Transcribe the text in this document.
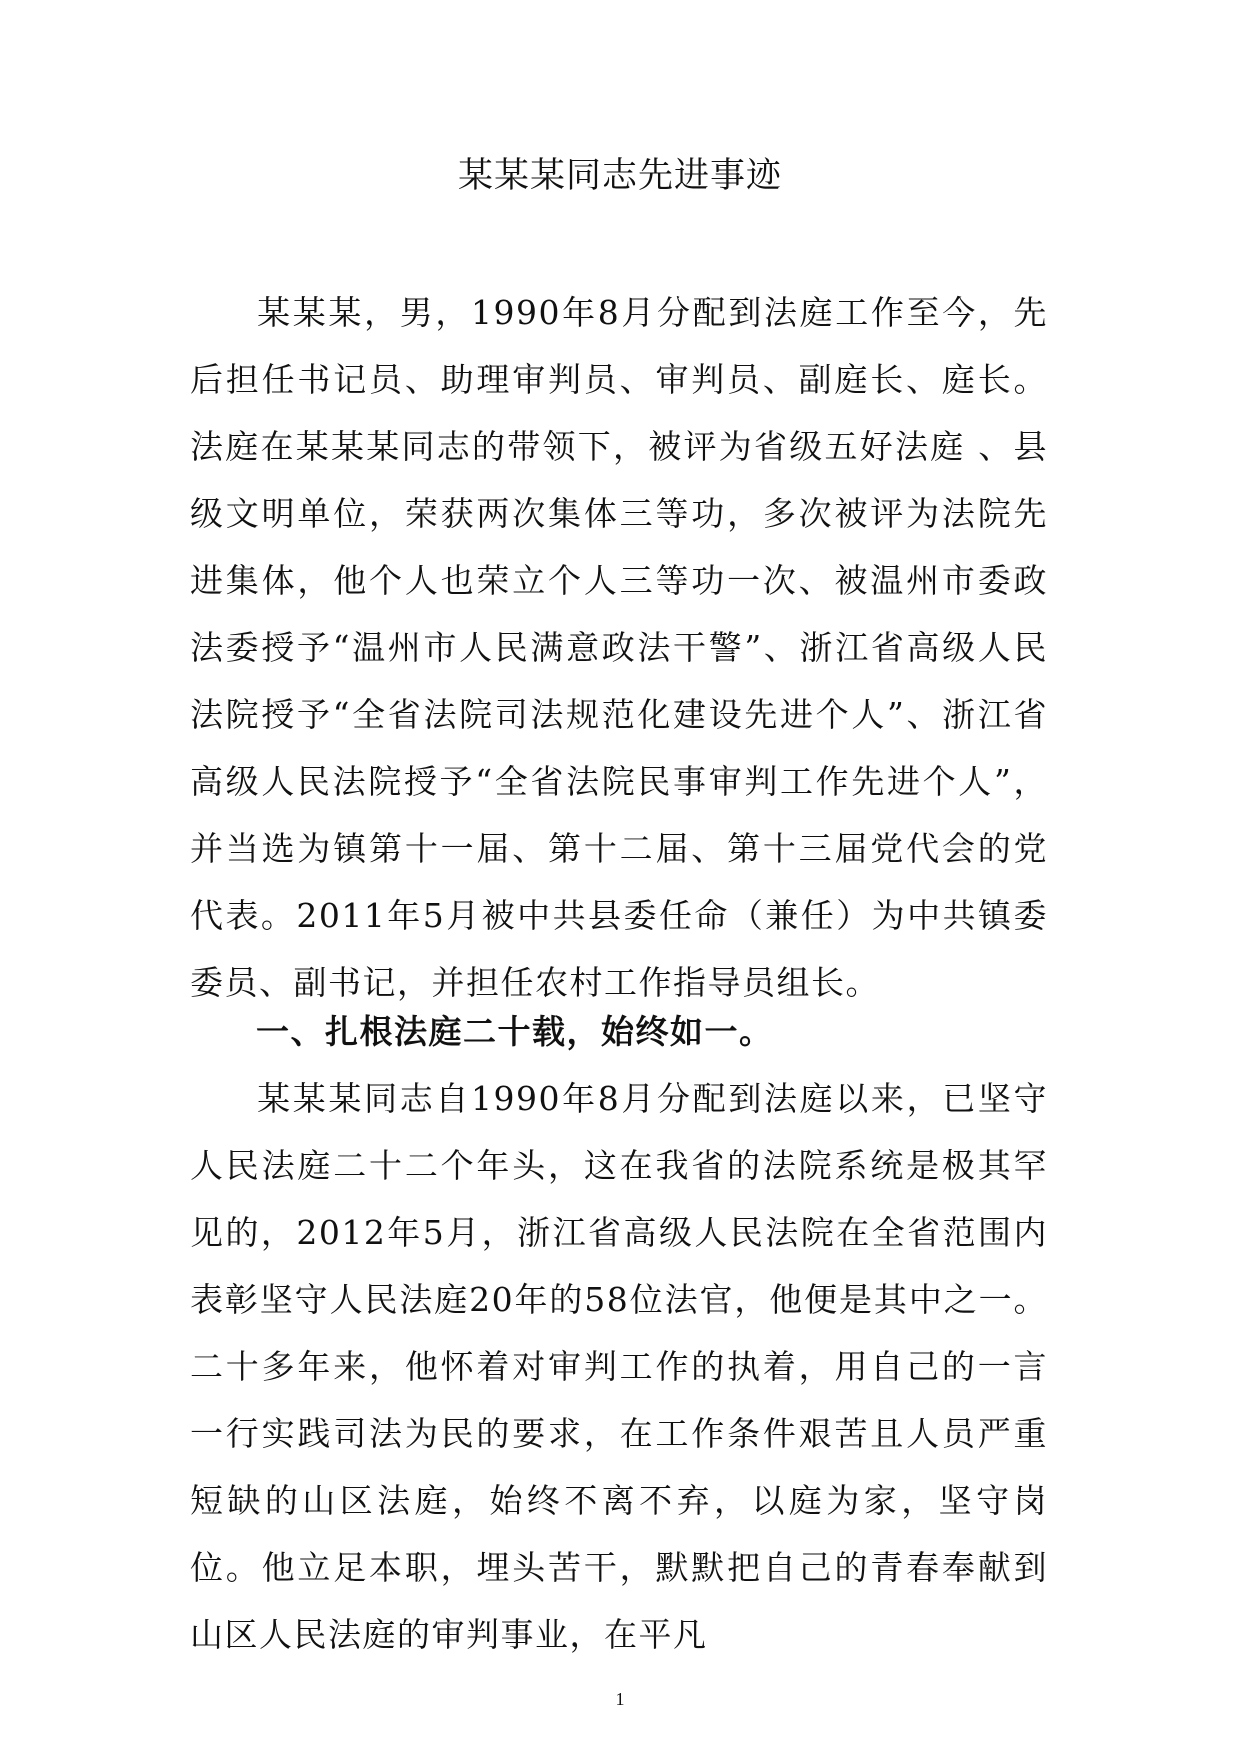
某某某同志先进事迹

某某某，男，1990年8月分配到法庭工作至今，先后担任书记员、助理审判员、审判员、副庭长、庭长。法庭在某某某同志的带领下，被评为省级五好法庭 、县级文明单位，荣获两次集体三等功，多次被评为法院先进集体，他个人也荣立个人三等功一次、被温州市委政法委授予“温州市人民满意政法干警”、浙江省高级人民法院授予“全省法院司法规范化建设先进个人”、浙江省高级人民法院授予“全省法院民事审判工作先进个人”，并当选为镇第十一届、第十二届、第十三届党代会的党代表。2011年5月被中共县委任命（兼任）为中共镇委委员、副书记，并担任农村工作指导员组长。

一、扎根法庭二十载，始终如一。

某某某同志自1990年8月分配到法庭以来，已坚守人民法庭二十二个年头，这在我省的法院系统是极其罕见的，2012年5月，浙江省高级人民法院在全省范围内表彰坚守人民法庭20年的58位法官，他便是其中之一。二十多年来，他怀着对审判工作的执着，用自己的一言一行实践司法为民的要求，在工作条件艰苦且人员严重短缺的山区法庭，始终不离不弃，以庭为家，坚守岗位。他立足本职，埋头苦干，默默把自己的青春奉献到山区人民法庭的审判事业，在平凡

1
